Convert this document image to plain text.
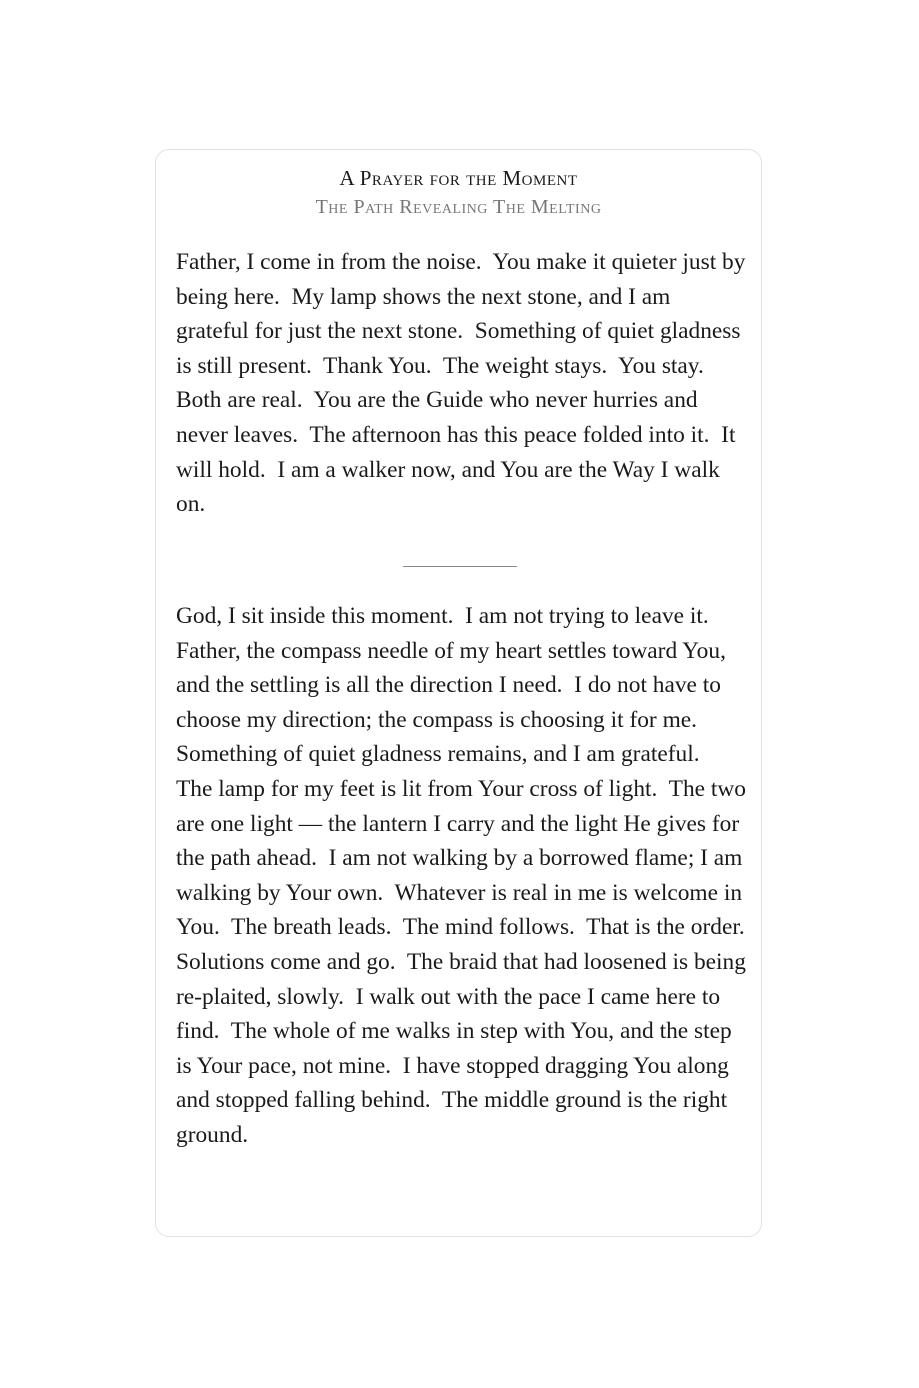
A Prayer for the Moment
The Path Revealing The Melting

Father, I come in from the noise.  You make it quieter just by being here.  My lamp shows the next stone, and I am grateful for just the next stone.  Something of quiet gladness is still present.  Thank You.  The weight stays.  You stay.  Both are real.  You are the Guide who never hurries and never leaves.  The afternoon has this peace folded into it.  It will hold.  I am a walker now, and You are the Way I walk on.

God, I sit inside this moment.  I am not trying to leave it.  Father, the compass needle of my heart settles toward You, and the settling is all the direction I need.  I do not have to choose my direction; the compass is choosing it for me.  Something of quiet gladness remains, and I am grateful.  The lamp for my feet is lit from Your cross of light.  The two are one light — the lantern I carry and the light He gives for the path ahead.  I am not walking by a borrowed flame; I am walking by Your own.  Whatever is real in me is welcome in You.  The breath leads.  The mind follows.  That is the order.  Solutions come and go.  The braid that had loosened is being re-plaited, slowly.  I walk out with the pace I came here to find.  The whole of me walks in step with You, and the step is Your pace, not mine.  I have stopped dragging You along and stopped falling behind.  The middle ground is the right ground.
